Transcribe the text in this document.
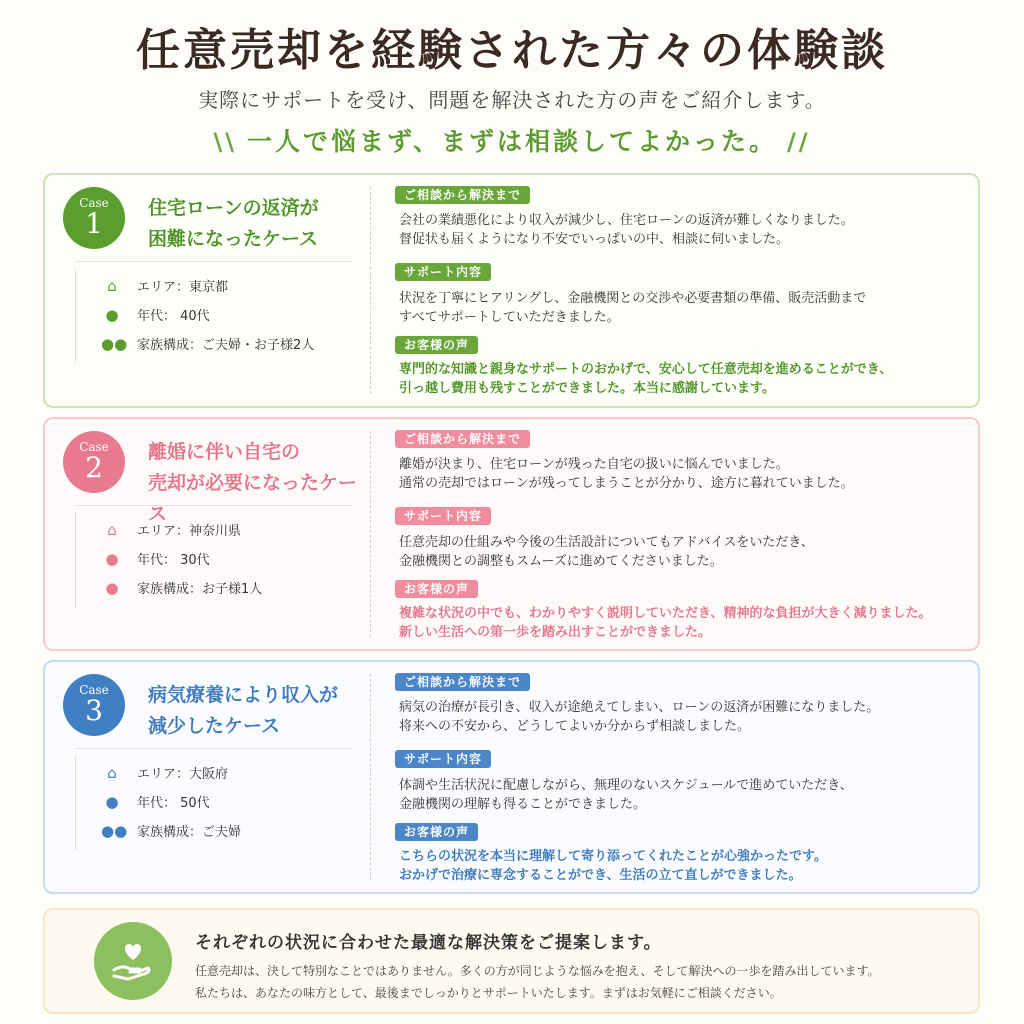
任意売却を経験された方々の体験談
実際にサポートを受け、問題を解決された方の声をご紹介します。
\\ 一人で悩まず、まずは相談してよかった。 //
Case
1	住宅ローンの返済が
困難になったケース
⌂ エリア：東京都
● 年代： 40代
●● 家族構成：ご夫婦・お子様2人
ご相談から解決まで
会社の業績悪化により収入が減少し、住宅ローンの返済が難しくなりました。
督促状も届くようになり不安でいっぱいの中、相談に伺いました。
サポート内容
状況を丁寧にヒアリングし、金融機関との交渉や必要書類の準備、販売活動まで
すべてサポートしていただきました。
お客様の声
専門的な知識と親身なサポートのおかげで、安心して任意売却を進めることができ、
引っ越し費用も残すことができました。本当に感謝しています。
Case
2	離婚に伴い自宅の
売却が必要になったケース
⌂ エリア：神奈川県
● 年代： 30代
● 家族構成：お子様1人
ご相談から解決まで
離婚が決まり、住宅ローンが残った自宅の扱いに悩んでいました。
通常の売却ではローンが残ってしまうことが分かり、途方に暮れていました。
サポート内容
任意売却の仕組みや今後の生活設計についてもアドバイスをいただき、
金融機関との調整もスムーズに進めてくださいました。
お客様の声
複雑な状況の中でも、わかりやすく説明していただき、精神的な負担が大きく減りました。
新しい生活への第一歩を踏み出すことができました。
Case
3	病気療養により収入が
減少したケース
⌂ エリア：大阪府
● 年代： 50代
●● 家族構成：ご夫婦
ご相談から解決まで
病気の治療が長引き、収入が途絶えてしまい、ローンの返済が困難になりました。
将来への不安から、どうしてよいか分からず相談しました。
サポート内容
体調や生活状況に配慮しながら、無理のないスケジュールで進めていただき、
金融機関の理解も得ることができました。
お客様の声
こちらの状況を本当に理解して寄り添ってくれたことが心強かったです。
おかげで治療に専念することができ、生活の立て直しができました。
それぞれの状況に合わせた最適な解決策をご提案します。
任意売却は、決して特別なことではありません。多くの方が同じような悩みを抱え、そして解決への一歩を踏み出しています。
私たちは、あなたの味方として、最後までしっかりとサポートいたします。まずはお気軽にご相談ください。
